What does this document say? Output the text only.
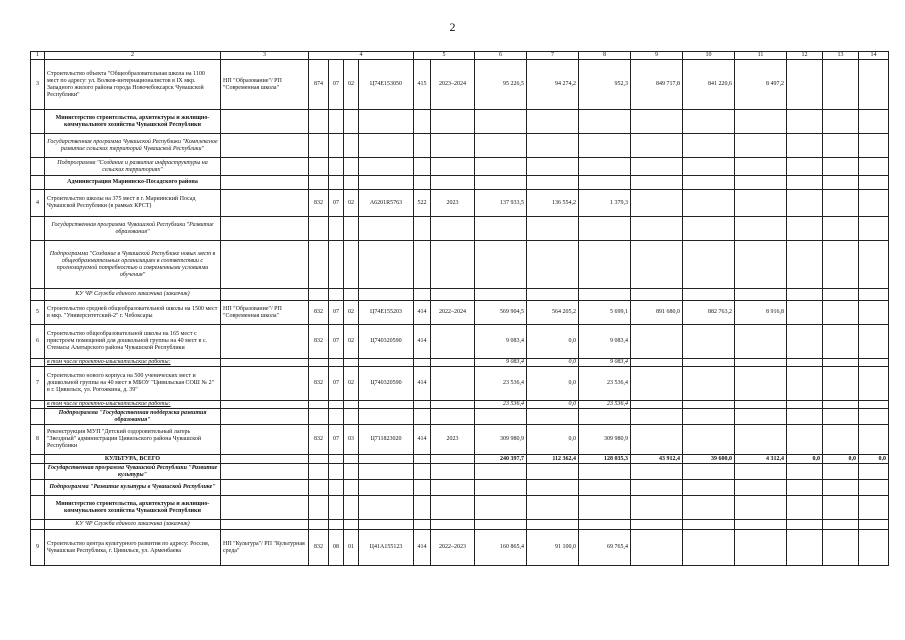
2
1	2	3	4				5		6	7	8	9	10	11	12	13	14
3	Строительство объекта "Общеобразовательная школа на 1100 мест по адресу: ул. Волков-интернационалистов в IX мкр. Западного жилого района города Новочебоксарск Чувашской Республики"	НП "Образование"/ РП "Современная школа"	874	07	02	Ц74Е153050	415	2023–2024	95 226,5	94 274,2	952,3	849 717,8	841 220,6	8 497,2			
	Министерство строительства, архитектуры и жилищно-коммунального хозяйства Чувашской Республики																
	Государственная программа Чувашской Республики "Комплексное развитие сельских территорий Чувашской Республики"																
	Подпрограмма "Создание и развитие инфраструктуры на сельских территориях"																
	Администрация Мариинско-Посадского района																
4	Строительство школы на 375 мест в г. Мариинский Посад Чувашской Республики (в рамках КРСТ)		832	07	02	А6201R5763	522	2023	137 933,5	136 554,2	1 379,3						
	Государственная программа Чувашской Республики "Развитие образования"																
	Подпрограмма "Создание в Чувашской Республике новых мест в общеобразовательных организациях в соответствии с прогнозируемой потребностью и современными условиями обучения"																
	КУ ЧР Служба единого заказчика (заказчик)																
5	Строительство средней общеобразовательной школы на 1500 мест в мкр. "Университетский-2" г. Чебоксары	НП "Образование"/ РП "Современная школа"	832	07	02	Ц74Е155203	414	2022–2024	569 904,5	564 205,2	5 699,1	891 680,0	882 763,2	8 916,8			
6	Строительство общеобразовательной школы на 165 мест с пристроем помещений для дошкольной группы на 40 мест в с. Стемасы Алатырского района Чувашской Республики		832	07	02	Ц740320590	414		9 083,4	0,0	9 083,4						
	в том числе проектно-изыскательские работы:								9 083,4	0,0	9 083,4						
7	Строительство нового корпуса на 500 ученических мест и дошкольной группы на 40 мест в МБОУ "Цивильская СОШ № 2" в г. Цивильск, ул. Рогожкина, д. 39"		832	07	02	Ц740320590	414		23 536,4	0,0	23 536,4						
	в том числе проектно-изыскательские работы:								23 536,4	0,0	23 536,4						
	Подпрограмма "Государственная поддержка развития образования"																
8	Реконструкция МУП "Детский оздоровительный лагерь "Звездный" администрации Цивильского района Чувашской Республики		832	07	03	Ц711823020	414	2023	309 980,9	0,0	309 980,9						
	КУЛЬТУРА, ВСЕГО								240 397,7	112 362,4	128 035,3	43 912,4	39 600,0	4 312,4	0,0	0,0	0,0
	Государственная программа Чувашской Республики "Развитие культуры"																
	Подпрограмма "Развитие культуры в Чувашской Республике"																
	Министерство строительства, архитектуры и жилищно-коммунального хозяйства Чувашской Республики																
	КУ ЧР Служба единого заказчика (заказчик)																
9	Строительство центра культурного развития по адресу: Россия, Чувашская Республика, г. Цивильск, ул. Арменбаева	НП "Культура"/ РП "Культурная среда"	832	08	01	Ц41А155123	414	2022–2023	160 865,4	91 100,0	69 765,4						
